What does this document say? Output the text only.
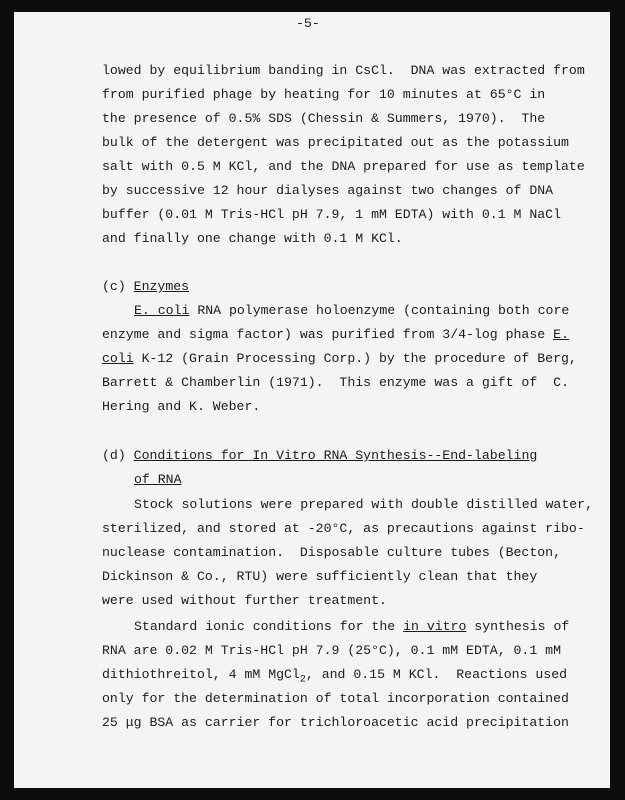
-5-
lowed by equilibrium banding in CsCl.  DNA was extracted from
from purified phage by heating for 10 minutes at 65°C in
the presence of 0.5% SDS (Chessin & Summers, 1970).  The
bulk of the detergent was precipitated out as the potassium
salt with 0.5 M KCl, and the DNA prepared for use as template
by successive 12 hour dialyses against two changes of DNA
buffer (0.01 M Tris-HCl pH 7.9, 1 mM EDTA) with 0.1 M NaCl
and finally one change with 0.1 M KCl.
(c) Enzymes
E. coli RNA polymerase holoenzyme (containing both core
enzyme and sigma factor) was purified from 3/4-log phase E.
coli K-12 (Grain Processing Corp.) by the procedure of Berg,
Barrett & Chamberlin (1971).  This enzyme was a gift of  C.
Hering and K. Weber.
(d) Conditions for In Vitro RNA Synthesis--End-labeling
of RNA
Stock solutions were prepared with double distilled water,
sterilized, and stored at -20°C, as precautions against ribo-
nuclease contamination.  Disposable culture tubes (Becton,
Dickinson & Co., RTU) were sufficiently clean that they
were used without further treatment.
Standard ionic conditions for the in vitro synthesis of
RNA are 0.02 M Tris-HCl pH 7.9 (25°C), 0.1 mM EDTA, 0.1 mM
dithiothreitol, 4 mM MgCl$_2$, and 0.15 M KCl.  Reactions used
only for the determination of total incorporation contained
25 μg BSA as carrier for trichloroacetic acid precipitation
